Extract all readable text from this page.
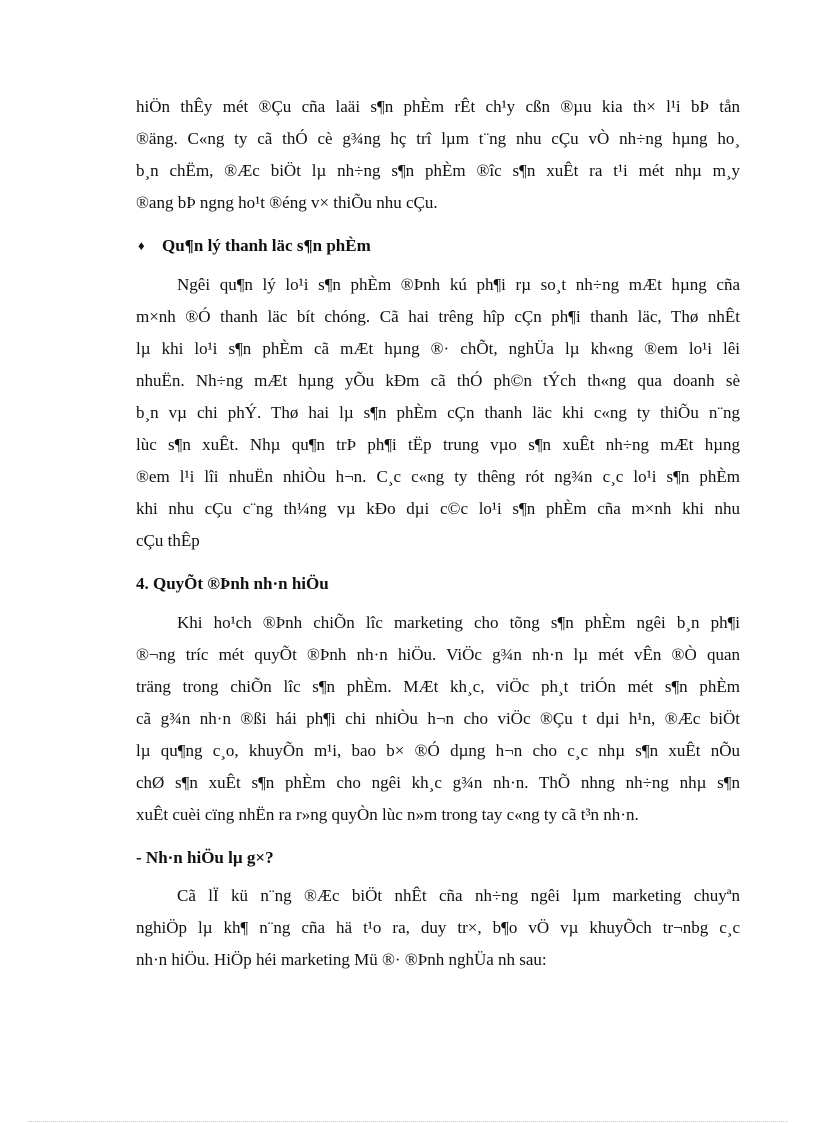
hiÖn thÊy mét ®Çu cña laäi s¶n phÈm rÊt ch¹y cßn ®µu kia th× l¹i bÞ tån
®äng. C«ng ty cã thÓ cè g¾ng hç trî lµm t¨ng nhu cÇu vÒ nh÷ng hµng ho¸
b¸n chËm, ®Æc biÖt lµ nh÷ng s¶n phÈm ®îc s¶n xuÊt ra t¹i mét nhµ m¸y
®ang bÞ ngng ho¹t ®éng v× thiÕu nhu cÇu.
♦ Qu¶n lý thanh läc s¶n phÈm
Ngêi qu¶n lý lo¹i s¶n phÈm ®Þnh kú ph¶i rµ so¸t nh÷ng mÆt hµng cña
m×nh ®Ó thanh läc bít chóng. Cã hai trêng hîp cÇn ph¶i thanh läc, Thø nhÊt
lµ khi lo¹i s¶n phÈm cã mÆt hµng ®· chÕt, nghÜa lµ kh«ng ®em lo¹i lêi
nhuËn. Nh÷ng mÆt hµng yÕu kÐm cã thÓ ph©n tÝch th«ng qua doanh sè
b¸n vµ chi phÝ. Thø hai lµ s¶n phÈm cÇn thanh läc khi c«ng ty thiÕu n¨ng
lùc s¶n xuÊt. Nhµ qu¶n trÞ ph¶i tËp trung vµo s¶n xuÊt nh÷ng mÆt hµng
®em l¹i lîi nhuËn nhiÒu h¬n. C¸c c«ng ty thêng rót ng¾n c¸c lo¹i s¶n phÈm
khi nhu cÇu c¨ng th¼ng vµ kÐo dµi c©c lo¹i s¶n phÈm cña m×nh khi nhu
cÇu thÊp
4. QuyÕt ®Þnh nh·n hiÖu
Khi ho¹ch ®Þnh chiÕn lîc marketing cho tõng s¶n phÈm ngêi b¸n ph¶i
®¬ng tríc mét quyÕt ®Þnh nh·n hiÖu. ViÖc g¾n nh·n lµ mét vÊn ®Ò quan
träng trong chiÕn lîc s¶n phÈm. MÆt kh¸c, viÖc ph¸t triÓn mét s¶n phÈm
cã g¾n nh·n ®ßi hái ph¶i chi nhiÒu h¬n cho viÖc ®Çu t dµi h¹n, ®Æc biÖt
lµ qu¶ng c¸o, khuyÕn m¹i, bao b× ®Ó dµng h¬n cho c¸c nhµ s¶n xuÊt nÕu
chØ s¶n xuÊt s¶n phÈm cho ngêi kh¸c g¾n nh·n. ThÕ nhng nh÷ng nhµ s¶n
xuÊt cuèi cïng nhËn ra r»ng quyÒn lùc n»m trong tay c«ng ty cã t³n nh·n.
- Nh·n hiÖu lµ g×?
Cã lÏ kü n¨ng ®Æc biÖt nhÊt cña nh÷ng ngêi lµm marketing chuyªn
nghiÖp lµ kh¶ n¨ng cña hä t¹o ra, duy tr×, b¶o vÖ vµ khuyÕch tr¬nbg c¸c
nh·n hiÖu. HiÖp héi marketing Mü ®· ®Þnh nghÜa nh sau:
